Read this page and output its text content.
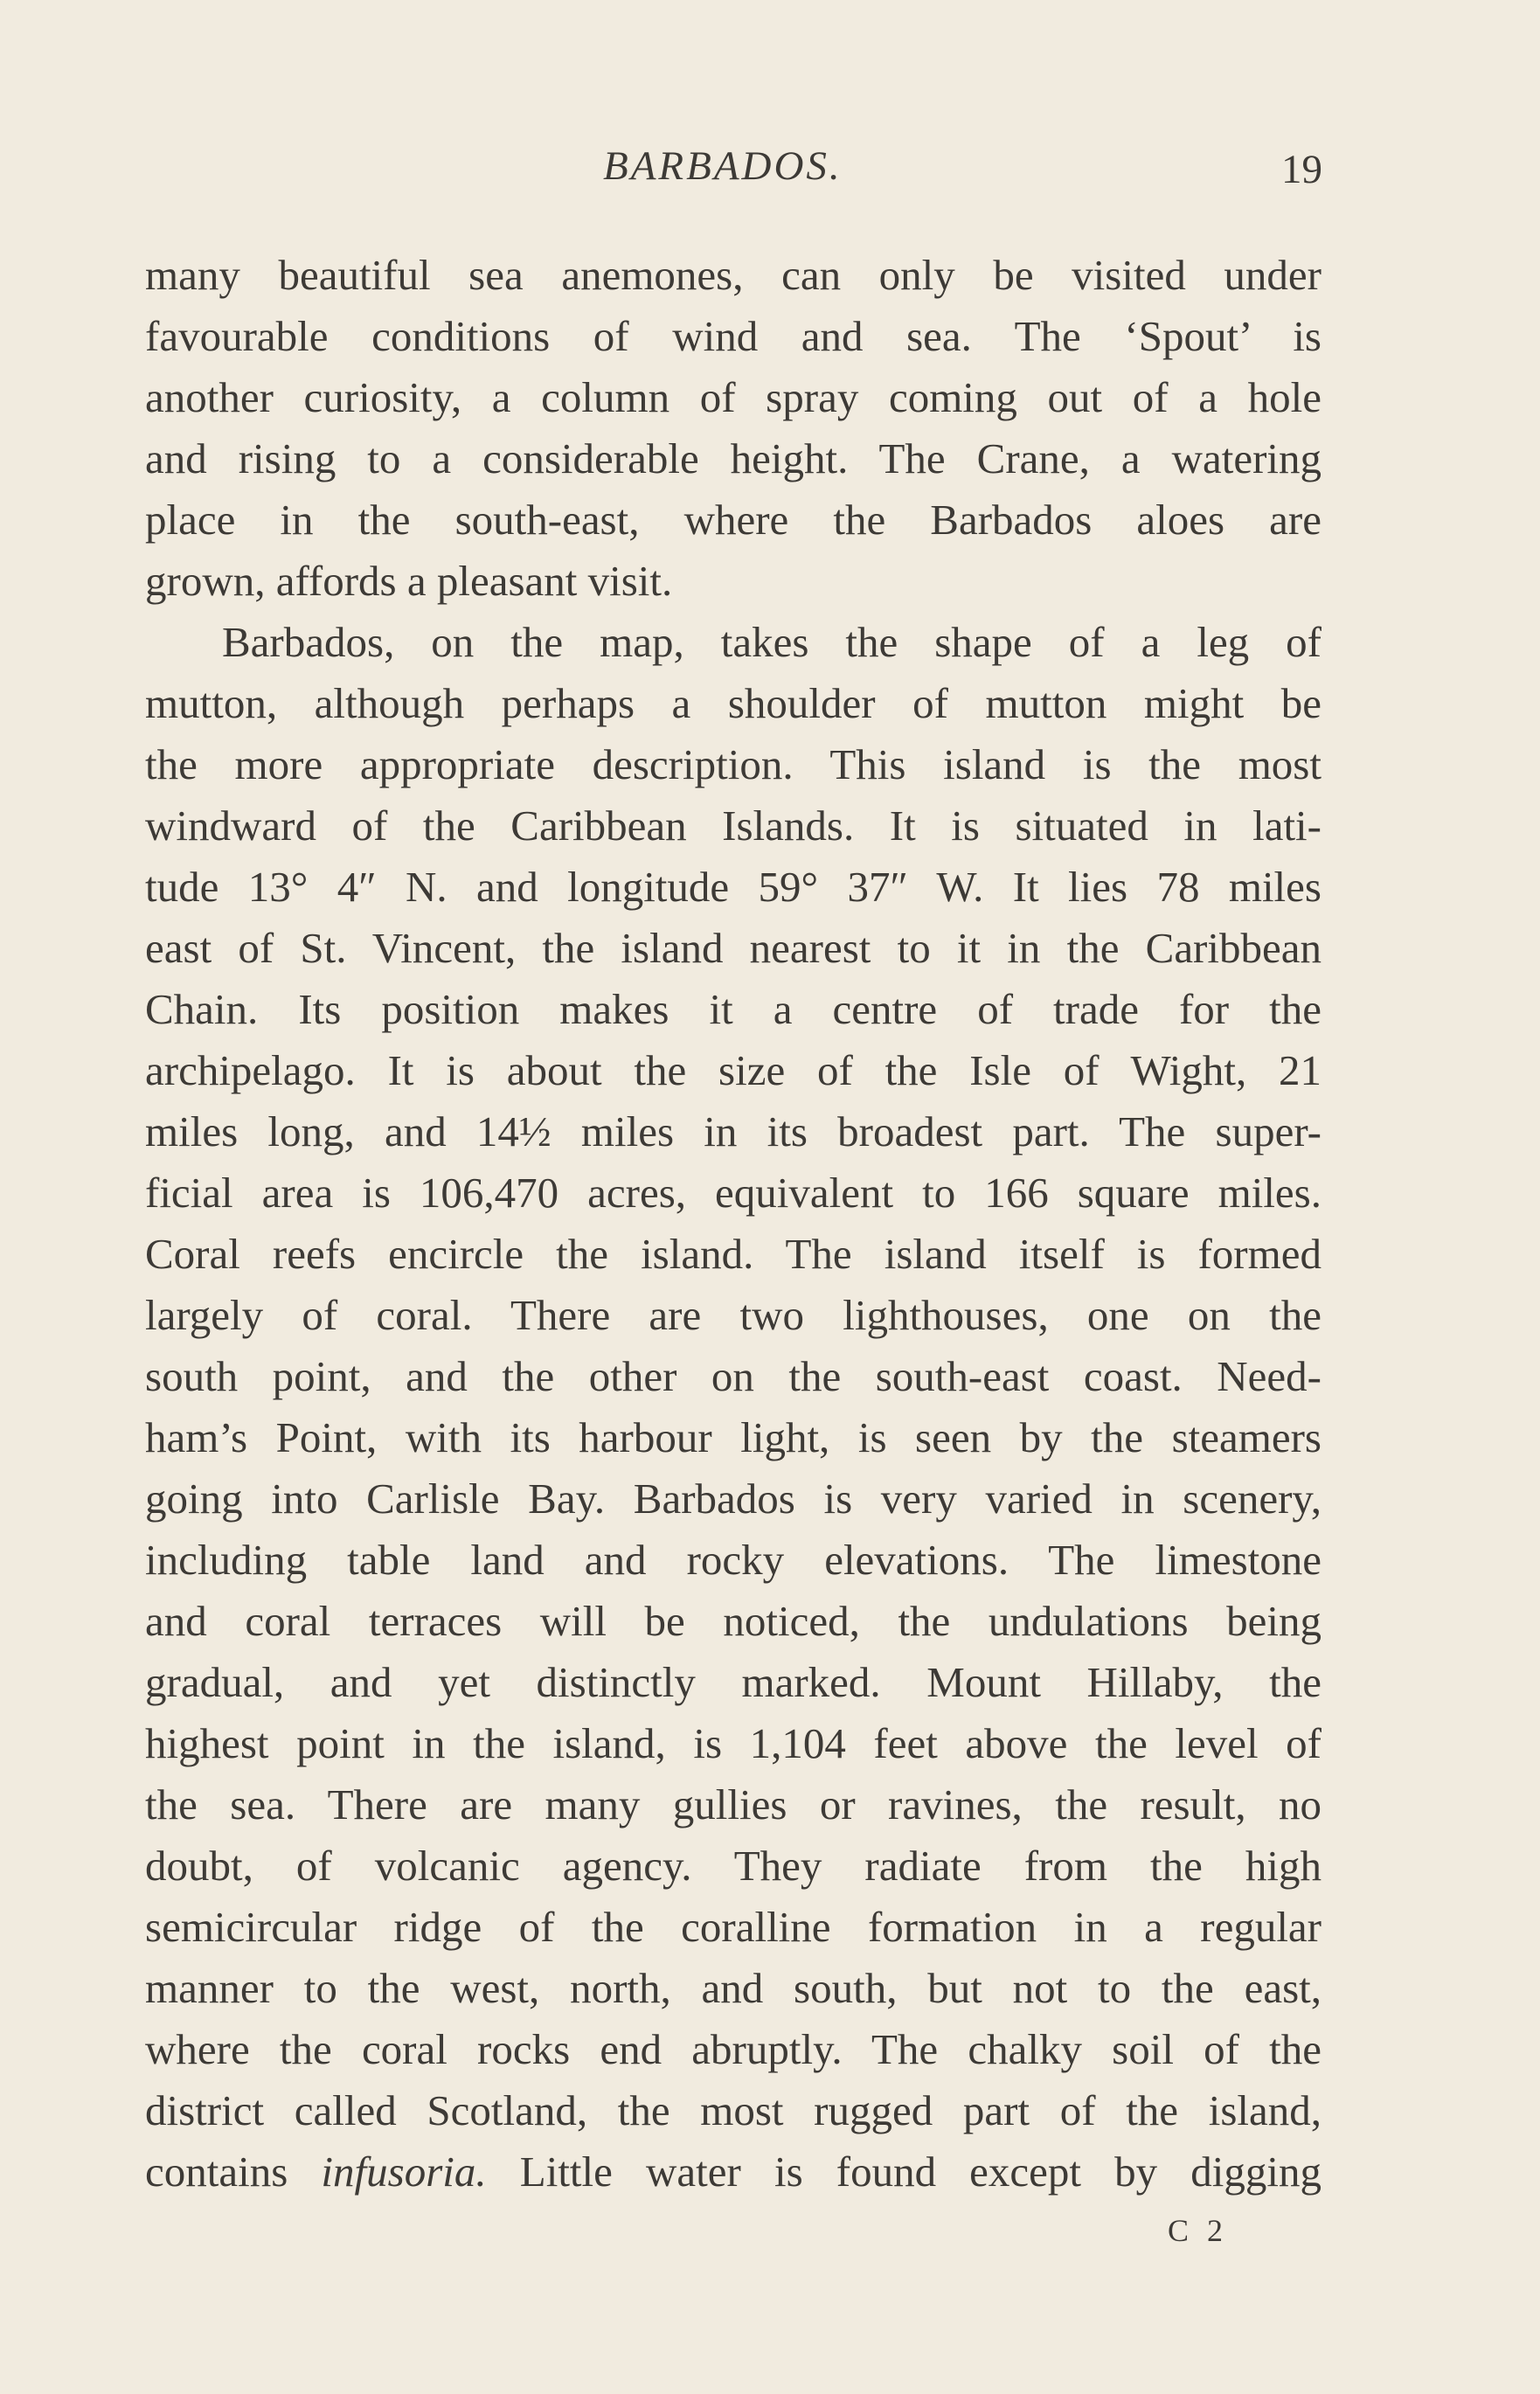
BARBADOS.	19
many beautiful sea anemones, can only be visited under
favourable conditions of wind and sea. The ‘Spout’ is
another curiosity, a column of spray coming out of a hole
and rising to a considerable height. The Crane, a watering
place in the south-east, where the Barbados aloes are
grown, affords a pleasant visit.
Barbados, on the map, takes the shape of a leg of
mutton, although perhaps a shoulder of mutton might be
the more appropriate description. This island is the most
windward of the Caribbean Islands. It is situated in lati-
tude 13° 4″ N. and longitude 59° 37″ W. It lies 78 miles
east of St. Vincent, the island nearest to it in the Caribbean
Chain. Its position makes it a centre of trade for the
archipelago. It is about the size of the Isle of Wight, 21
miles long, and 14½ miles in its broadest part. The super-
ficial area is 106,470 acres, equivalent to 166 square miles.
Coral reefs encircle the island. The island itself is formed
largely of coral. There are two lighthouses, one on the
south point, and the other on the south-east coast. Need-
ham’s Point, with its harbour light, is seen by the steamers
going into Carlisle Bay. Barbados is very varied in scenery,
including table land and rocky elevations. The limestone
and coral terraces will be noticed, the undulations being
gradual, and yet distinctly marked. Mount Hillaby, the
highest point in the island, is 1,104 feet above the level of
the sea. There are many gullies or ravines, the result, no
doubt, of volcanic agency. They radiate from the high
semicircular ridge of the coralline formation in a regular
manner to the west, north, and south, but not to the east,
where the coral rocks end abruptly. The chalky soil of the
district called Scotland, the most rugged part of the island,
contains infusoria. Little water is found except by digging
C 2
